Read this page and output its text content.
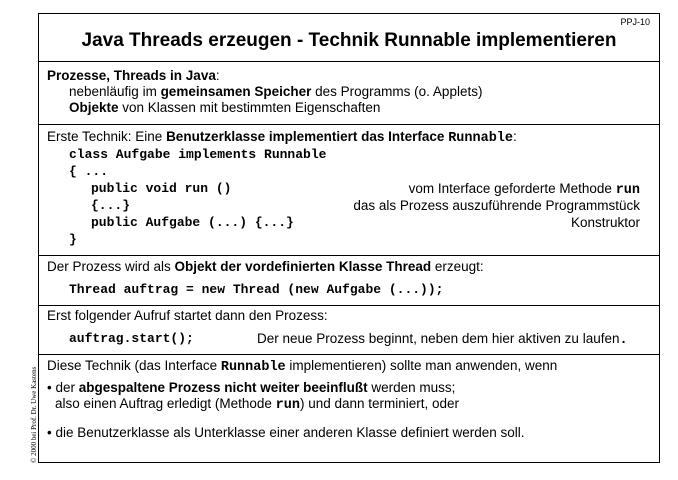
© 2000 bei Prof. Dr. Uwe Kastens
PPJ-10
Java Threads erzeugen - Technik Runnable implementieren
Prozesse, Threads in Java:
nebenläufig im gemeinsamen Speicher des Programms (o. Applets)
Objekte von Klassen mit bestimmten Eigenschaften
Erste Technik: Eine Benutzerklasse implementiert das Interface Runnable:
class Aufgabe implements Runnable
{ ...
public void run ()	vom Interface geforderte Methode run
{...}	das als Prozess auszuführende Programmstück
public Aufgabe (...) {...}	Konstruktor
}
Der Prozess wird als Objekt der vordefinierten Klasse Thread erzeugt:
Thread auftrag = new Thread (new Aufgabe (...));
Erst folgender Aufruf startet dann den Prozess:
auftrag.start();	Der neue Prozess beginnt, neben dem hier aktiven zu laufen.
Diese Technik (das Interface Runnable implementieren) sollte man anwenden, wenn
• der abgespaltene Prozess nicht weiter beeinflußt werden muss;
also einen Auftrag erledigt (Methode run) und dann terminiert, oder
• die Benutzerklasse als Unterklasse einer anderen Klasse definiert werden soll.
